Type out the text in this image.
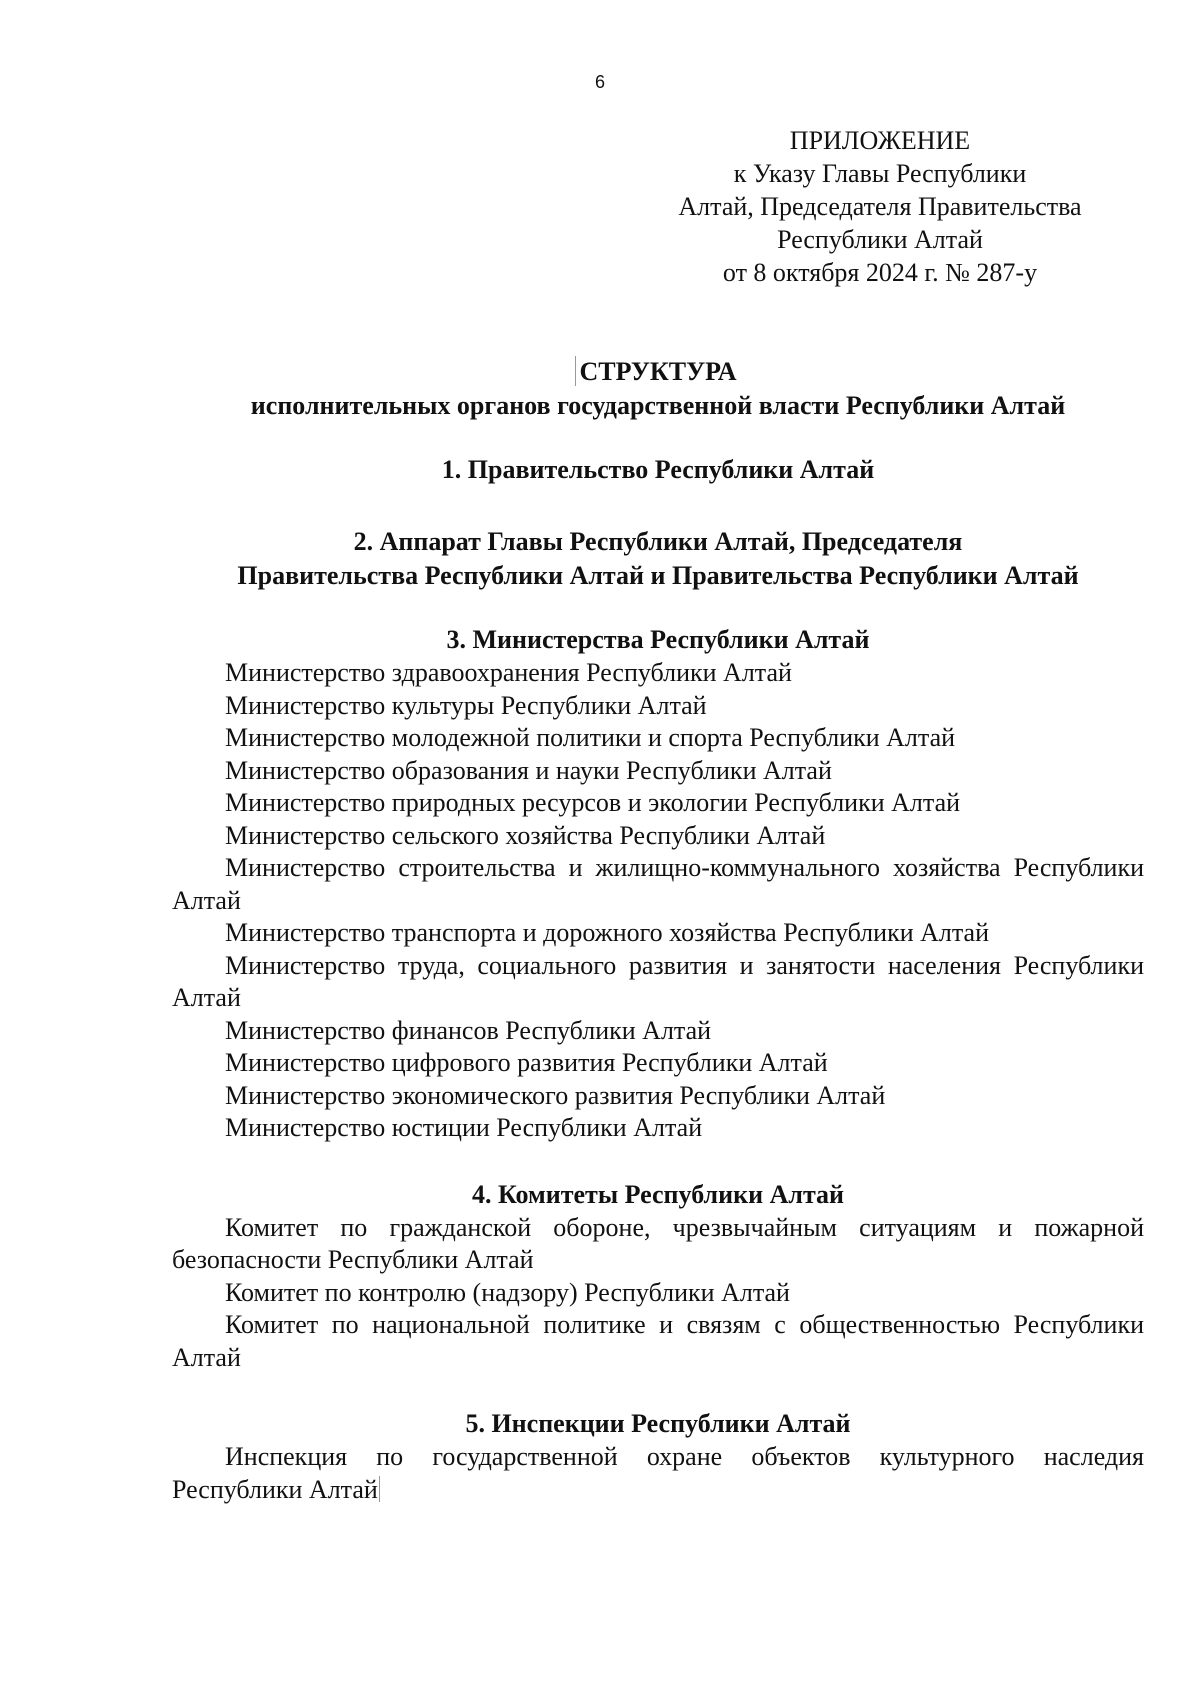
6
ПРИЛОЖЕНИЕ
к Указу Главы Республики
Алтай, Председателя Правительства
Республики Алтай
от 8 октября 2024 г. № 287-у
СТРУКТУРА
исполнительных органов государственной власти Республики Алтай
1. Правительство Республики Алтай
2. Аппарат Главы Республики Алтай, Председателя
Правительства Республики Алтай и Правительства Республики Алтай
3. Министерства Республики Алтай
Министерство здравоохранения Республики Алтай
Министерство культуры Республики Алтай
Министерство молодежной политики и спорта Республики Алтай
Министерство образования и науки Республики Алтай
Министерство природных ресурсов и экологии Республики Алтай
Министерство сельского хозяйства Республики Алтай
Министерство строительства и жилищно-коммунального хозяйства Республики Алтай
Министерство транспорта и дорожного хозяйства Республики Алтай
Министерство труда, социального развития и занятости населения Республики Алтай
Министерство финансов Республики Алтай
Министерство цифрового развития Республики Алтай
Министерство экономического развития Республики Алтай
Министерство юстиции Республики Алтай
4. Комитеты Республики Алтай
Комитет по гражданской обороне, чрезвычайным ситуациям и пожарной безопасности Республики Алтай
Комитет по контролю (надзору) Республики Алтай
Комитет по национальной политике и связям с общественностью Республики Алтай
5. Инспекции Республики Алтай
Инспекция по государственной охране объектов культурного наследия Республики Алтай
